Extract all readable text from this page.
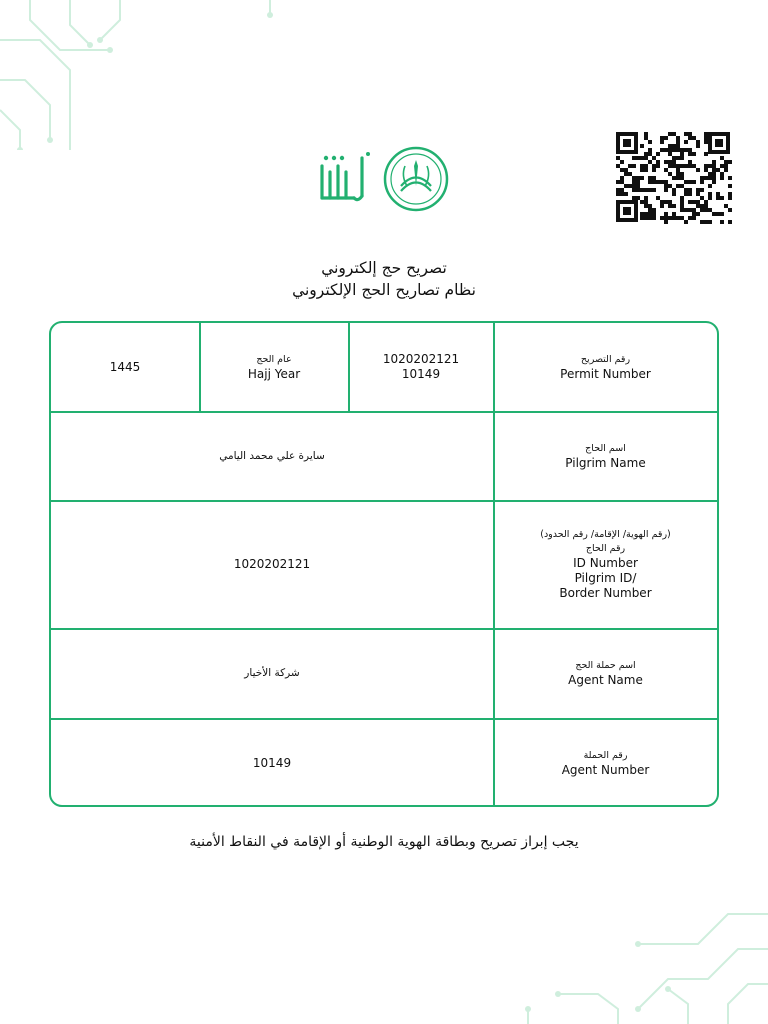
تصريح حج إلكتروني
نظام تصاريح الحج الإلكتروني
1445
عام الحج
Hajj Year
1020202121
10149
رقم التصريح
Permit Number
سايرة علي محمد اليامي
اسم الحاج
Pilgrim Name
1020202121
(رقم الهوية/ الإقامة/ رقم الحدود)
رقم الحاج
ID Number
Pilgrim ID/
Border Number
شركة الأخيار
اسم حملة الحج
Agent Name
10149
رقم الحملة
Agent Number
يجب إبراز تصريح وبطاقة الهوية الوطنية أو الإقامة في النقاط الأمنية
